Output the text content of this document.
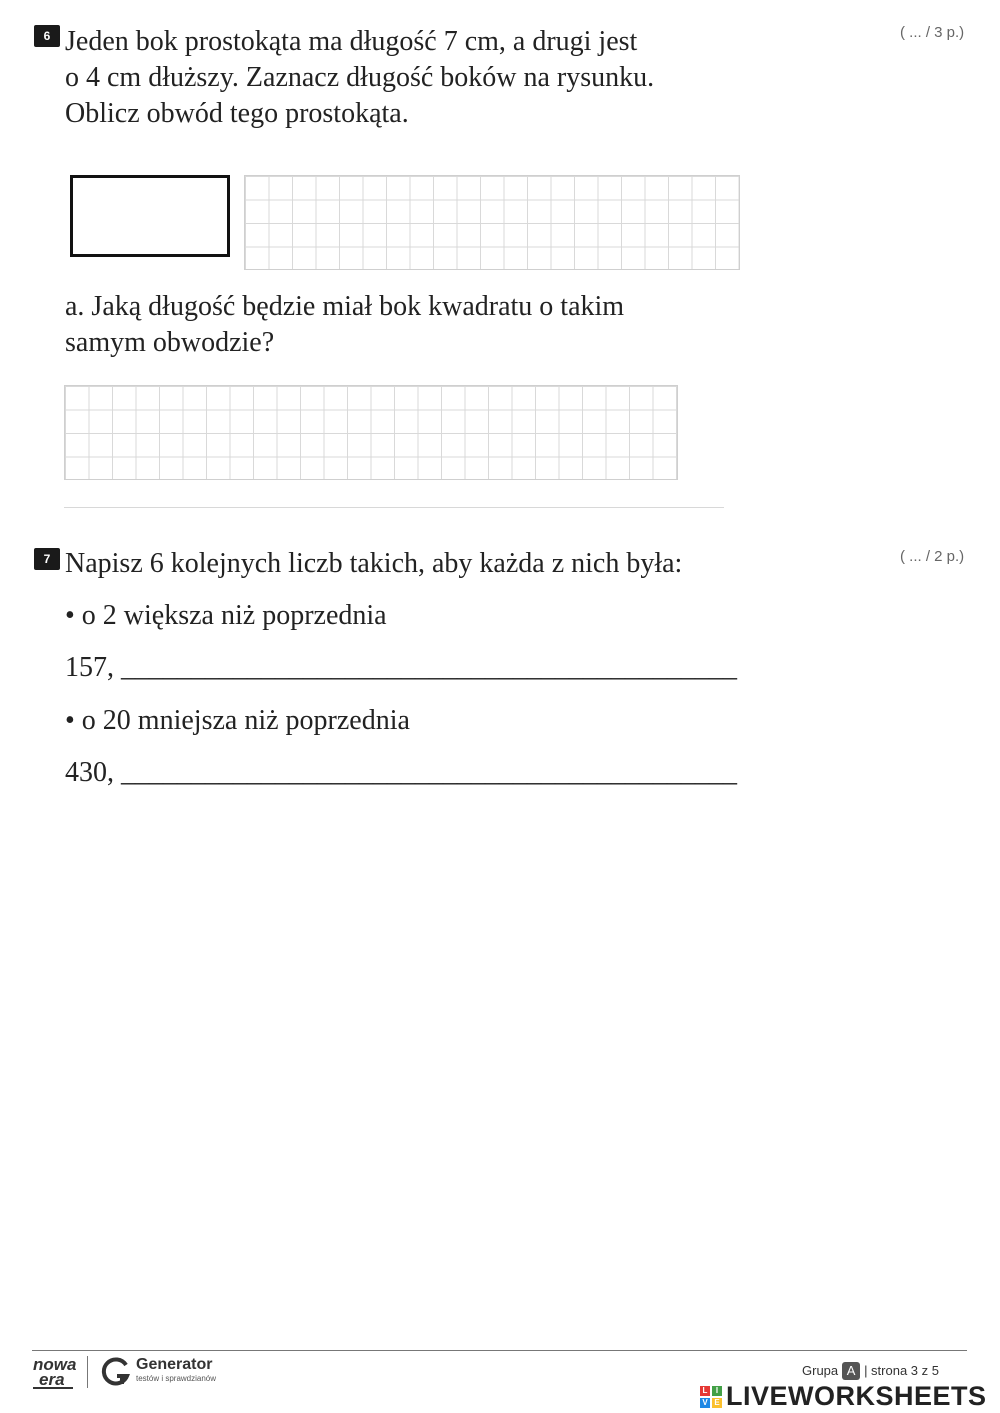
6 Jeden bok prostokąta ma długość 7 cm, a drugi jest
o 4 cm dłuższy. Zaznacz długość boków na rysunku.
Oblicz obwód tego prostokąta.
( ... / 3 p.)
a. Jaką długość będzie miał bok kwadratu o takim
samym obwodzie?
7 Napisz 6 kolejnych liczb takich, aby każda z nich była:	( ... / 2 p.)
• o 2 większa niż poprzednia
157, ____________________________________________
• o 20 mniejsza niż poprzednia
430, ____________________________________________
nowa
era
Generator
testów i sprawdzianów
Grupa A | strona 3 z 5
L	I
V E LIVEWORKSHEETS
